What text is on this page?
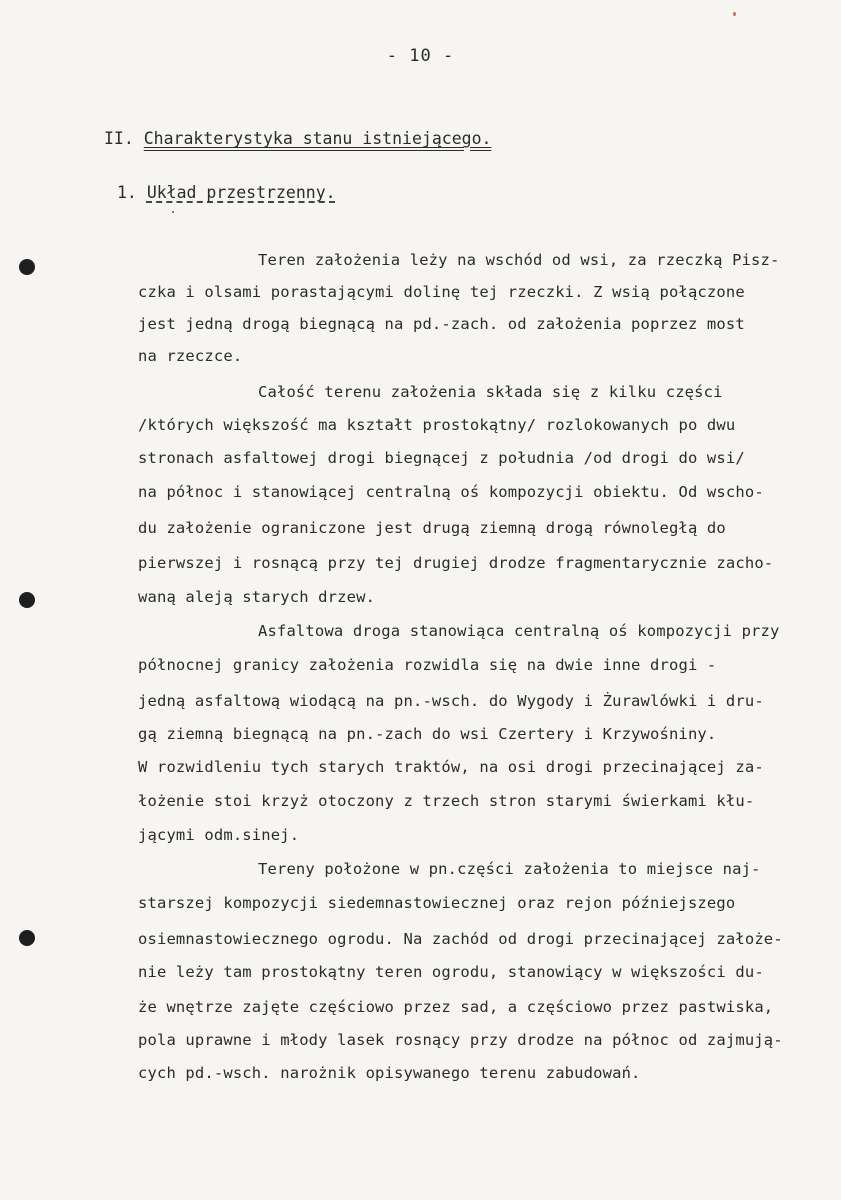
- 10 -
II. Charakterystyka stanu istniejącego.
1. Układ przestrzenny.
Teren założenia leży na wschód od wsi, za rzeczką Pisz-
czka i olsami porastającymi dolinę tej rzeczki. Z wsią połączone
jest jedną drogą biegnącą na pd.-zach. od założenia poprzez most
na rzeczce.
Całość terenu założenia składa się z kilku części
/których większość ma kształt prostokątny/ rozlokowanych po dwu
stronach asfaltowej drogi biegnącej z południa /od drogi do wsi/
na północ i stanowiącej centralną oś kompozycji obiektu. Od wscho-
du założenie ograniczone jest drugą ziemną drogą równoległą do
pierwszej i rosnącą przy tej drugiej drodze fragmentarycznie zacho-
waną aleją starych drzew.
Asfaltowa droga stanowiąca centralną oś kompozycji przy
północnej granicy założenia rozwidla się na dwie inne drogi -
jedną asfaltową wiodącą na pn.-wsch. do Wygody i Żurawlówki i dru-
gą ziemną biegnącą na pn.-zach do wsi Czertery i Krzywośniny.
W rozwidleniu tych starych traktów, na osi drogi przecinającej za-
łożenie stoi krzyż otoczony z trzech stron starymi świerkami kłu-
jącymi odm.sinej.
Tereny położone w pn.części założenia to miejsce naj-
starszej kompozycji siedemnastowiecznej oraz rejon późniejszego
osiemnastowiecznego ogrodu. Na zachód od drogi przecinającej założe-
nie leży tam prostokątny teren ogrodu, stanowiący w większości du-
że wnętrze zajęte częściowo przez sad, a częściowo przez pastwiska,
pola uprawne i młody lasek rosnący przy drodze na północ od zajmują-
cych pd.-wsch. narożnik opisywanego terenu zabudowań.
